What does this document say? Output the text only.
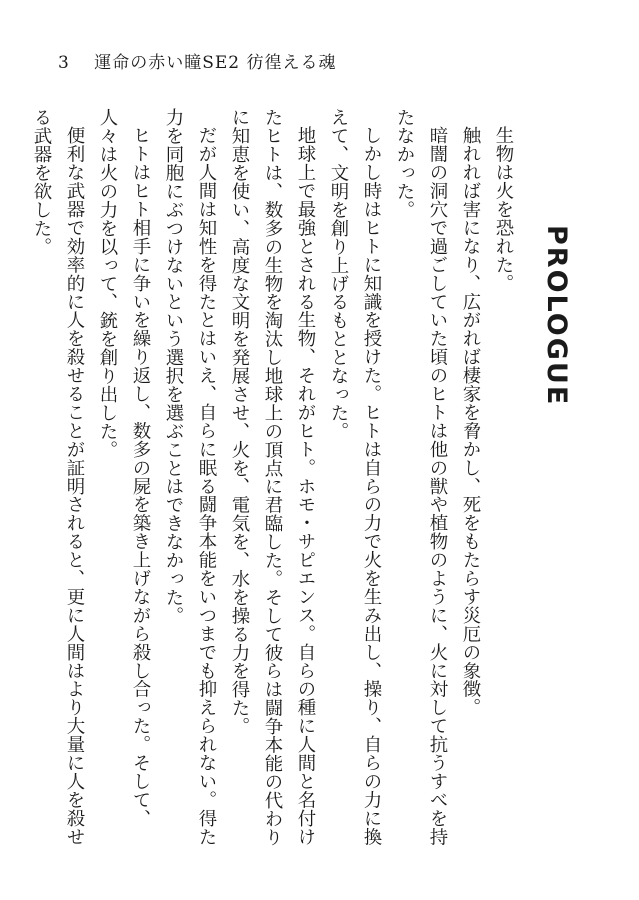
3 運命の赤い瞳SE2 彷徨える魂
PROLOGUE

生物は火を恐れた。

触れれば害になり、広がれば棲家を脅かし、死をもたらす災厄の象徴。

暗闇の洞穴で過ごしていた頃のヒトは他の獣や植物のように、火に対して抗うすべを持たなかった。

しかし時はヒトに知識を授けた。ヒトは自らの力で火を生み出し、操り、自らの力に換えて、文明を創り上げるもととなった。

地球上で最強とされる生物、それがヒト。ホモ・サピエンス。自らの種に人間と名付けたヒトは、数多の生物を淘汰し地球上の頂点に君臨した。そして彼らは闘争本能の代わりに知恵を使い、高度な文明を発展させ、火を、電気を、水を操る力を得た。

だが人間は知性を得たとはいえ、自らに眠る闘争本能をいつまでも抑えられない。得た力を同胞にぶつけないという選択を選ぶことはできなかった。

ヒトはヒト相手に争いを繰り返し、数多の屍を築き上げながら殺し合った。そして、人々は火の力を以って、銃を創り出した。

便利な武器で効率的に人を殺せることが証明されると、更に人間はより大量に人を殺せる武器を欲した。
